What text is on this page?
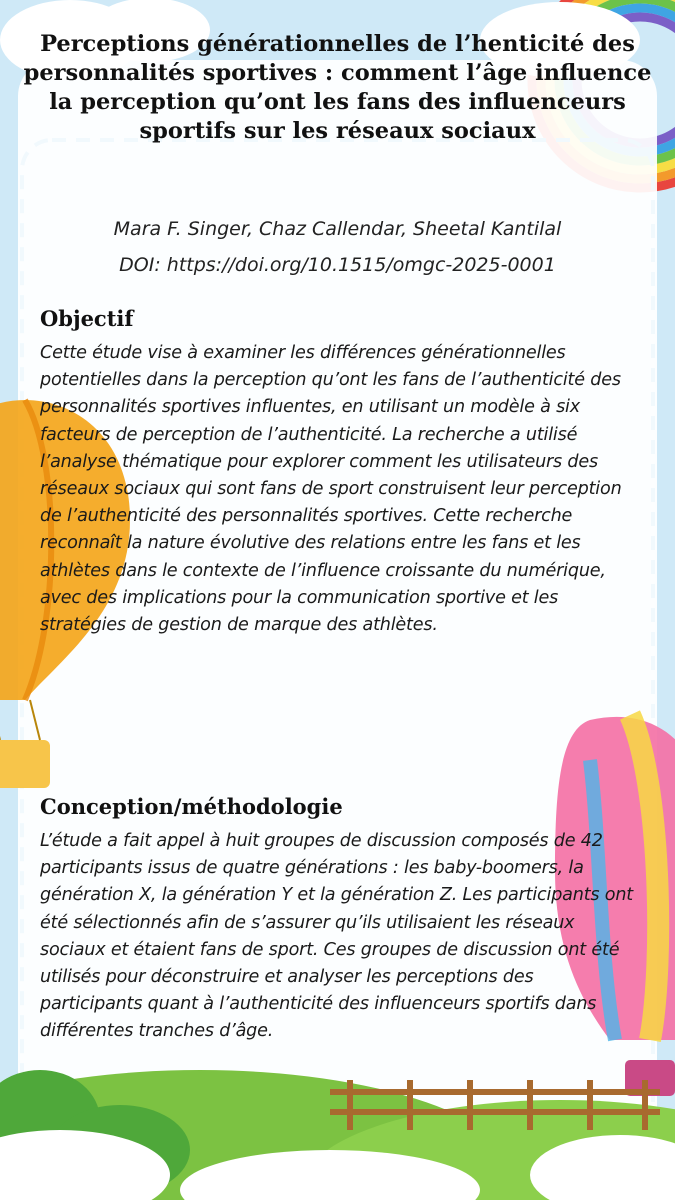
Perceptions générationnelles de l’henticité des personnalités sportives : comment l’âge influence la perception qu’ont les fans des influenceurs sportifs sur les réseaux sociaux

Mara F. Singer, Chaz Callendar, Sheetal Kantilal

DOI: https://doi.org/10.1515/omgc-2025-0001

Objectif

Cette étude vise à examiner les différences générationnelles potentielles dans la perception qu’ont les fans de l’authenticité des personnalités sportives influentes, en utilisant un modèle à six facteurs de perception de l’authenticité. La recherche a utilisé l’analyse thématique pour explorer comment les utilisateurs des réseaux sociaux qui sont fans de sport construisent leur perception de l’authenticité des personnalités sportives. Cette recherche reconnaît la nature évolutive des relations entre les fans et les athlètes dans le contexte de l’influence croissante du numérique, avec des implications pour la communication sportive et les stratégies de gestion de marque des athlètes.

Conception/méthodologie

L’étude a fait appel à huit groupes de discussion composés de 42 participants issus de quatre générations : les baby-boomers, la génération X, la génération Y et la génération Z. Les participants ont été sélectionnés afin de s’assurer qu’ils utilisaient les réseaux sociaux et étaient fans de sport. Ces groupes de discussion ont été utilisés pour déconstruire et analyser les perceptions des participants quant à l’authenticité des influenceurs sportifs dans différentes tranches d’âge.
